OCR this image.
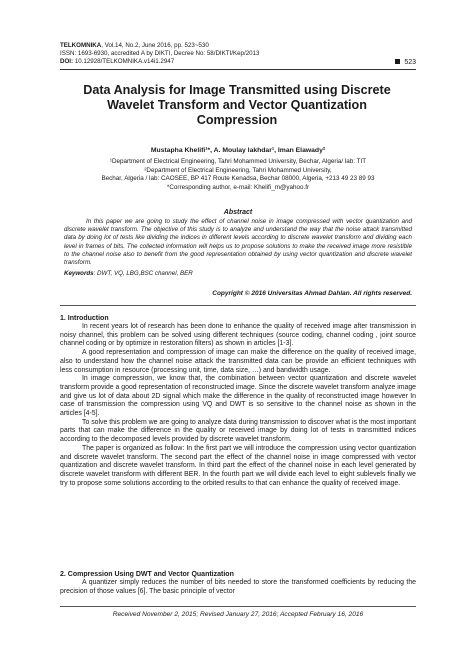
TELKOMNIKA, Vol.14, No.2, June 2016, pp. 523~530
ISSN: 1693-6930, accredited A by DIKTI, Decree No: 58/DIKTI/Kep/2013
DOI: 10.12928/TELKOMNIKA.v14i1.2947	523
Data Analysis for Image Transmitted using Discrete Wavelet Transform and Vector Quantization Compression
Mustapha Khelifi¹*, A. Moulay lakhdar¹, Iman Elawady²
¹Department of Electrical Engineering, Tahri Mohammed University, Bechar, Algeria/ lab: TIT
²Department of Electrical Engineering, Tahri Mohammed University,
Bechar, Algeria / lab: CAOSEE, BP 417 Route Kenadsa, Bechar 08000, Algeria, +213 49 23 89 93
*Corresponding author, e-mail: Khelifi_m@yahoo.fr
Abstract

In this paper we are going to study the effect of channel noise in image compressed with vector quantization and discrete wavelet transform. The objective of this study is to analyze and understand the way that the noise attack transmitted data by doing lot of tests like dividing the indices in different levels according to discrete wavelet transform and dividing each level in frames of bits. The collected information will helps us to propose solutions to make the received image more resistible to the channel noise also to benefit from the good representation obtained by using vector quantization and discrete wavelet transform.

Keywords: DWT, VQ, LBG,BSC channel, BER
Copyright © 2016 Universitas Ahmad Dahlan. All rights reserved.
1. Introduction

In recent years lot of research has been done to enhance the quality of received image after transmission in noisy channel, this problem can be solved using different techniques (source coding, channel coding , joint source channel coding or by optimize in restoration filters) as shown in articles [1-3].

A good representation and compression of image can make the difference on the quality of received image, also to understand how the channel noise attack the transmitted data can be provide an efficient techniques with less consumption in resource (processing unit, time, data size, …) and bandwidth usage.

In image compression, we know that, the combination between vector quantization and discrete wavelet transform provide a good representation of reconstructed image. Since the discrete wavelet transform analyze image and give us lot of data about 2D signal which make the difference in the quality of reconstructed image however In case of transmission the compression using VQ and DWT is so sensitive to the channel noise as shown in the articles [4-5].

To solve this problem we are going to analyze data during transmission to discover what is the most important parts that can make the difference in the quality or received image by doing lot of tests in transmitted indices according to the decomposed levels provided by discrete wavelet transform.

The paper is organized as follow: In the first part we will introduce the compression using vector quantization and discrete wavelet transform. The second part the effect of the channel noise in image compressed with vector quantization and discrete wavelet transform. In third part the effect of the channel noise in each level generated by discrete wavelet transform with different BER. In the fourth part we will divide each level to eight sublevels finally we try to propose some solutions according to the orbited results to that can enhance the quality of received image.

2. Compression Using DWT and Vector Quantization

A quantizer simply reduces the number of bits needed to store the transformed coefficients by reducing the precision of those values [6]. The basic principle of vector

Received November 2, 2015; Revised January 27, 2016; Accepted February 16, 2016
